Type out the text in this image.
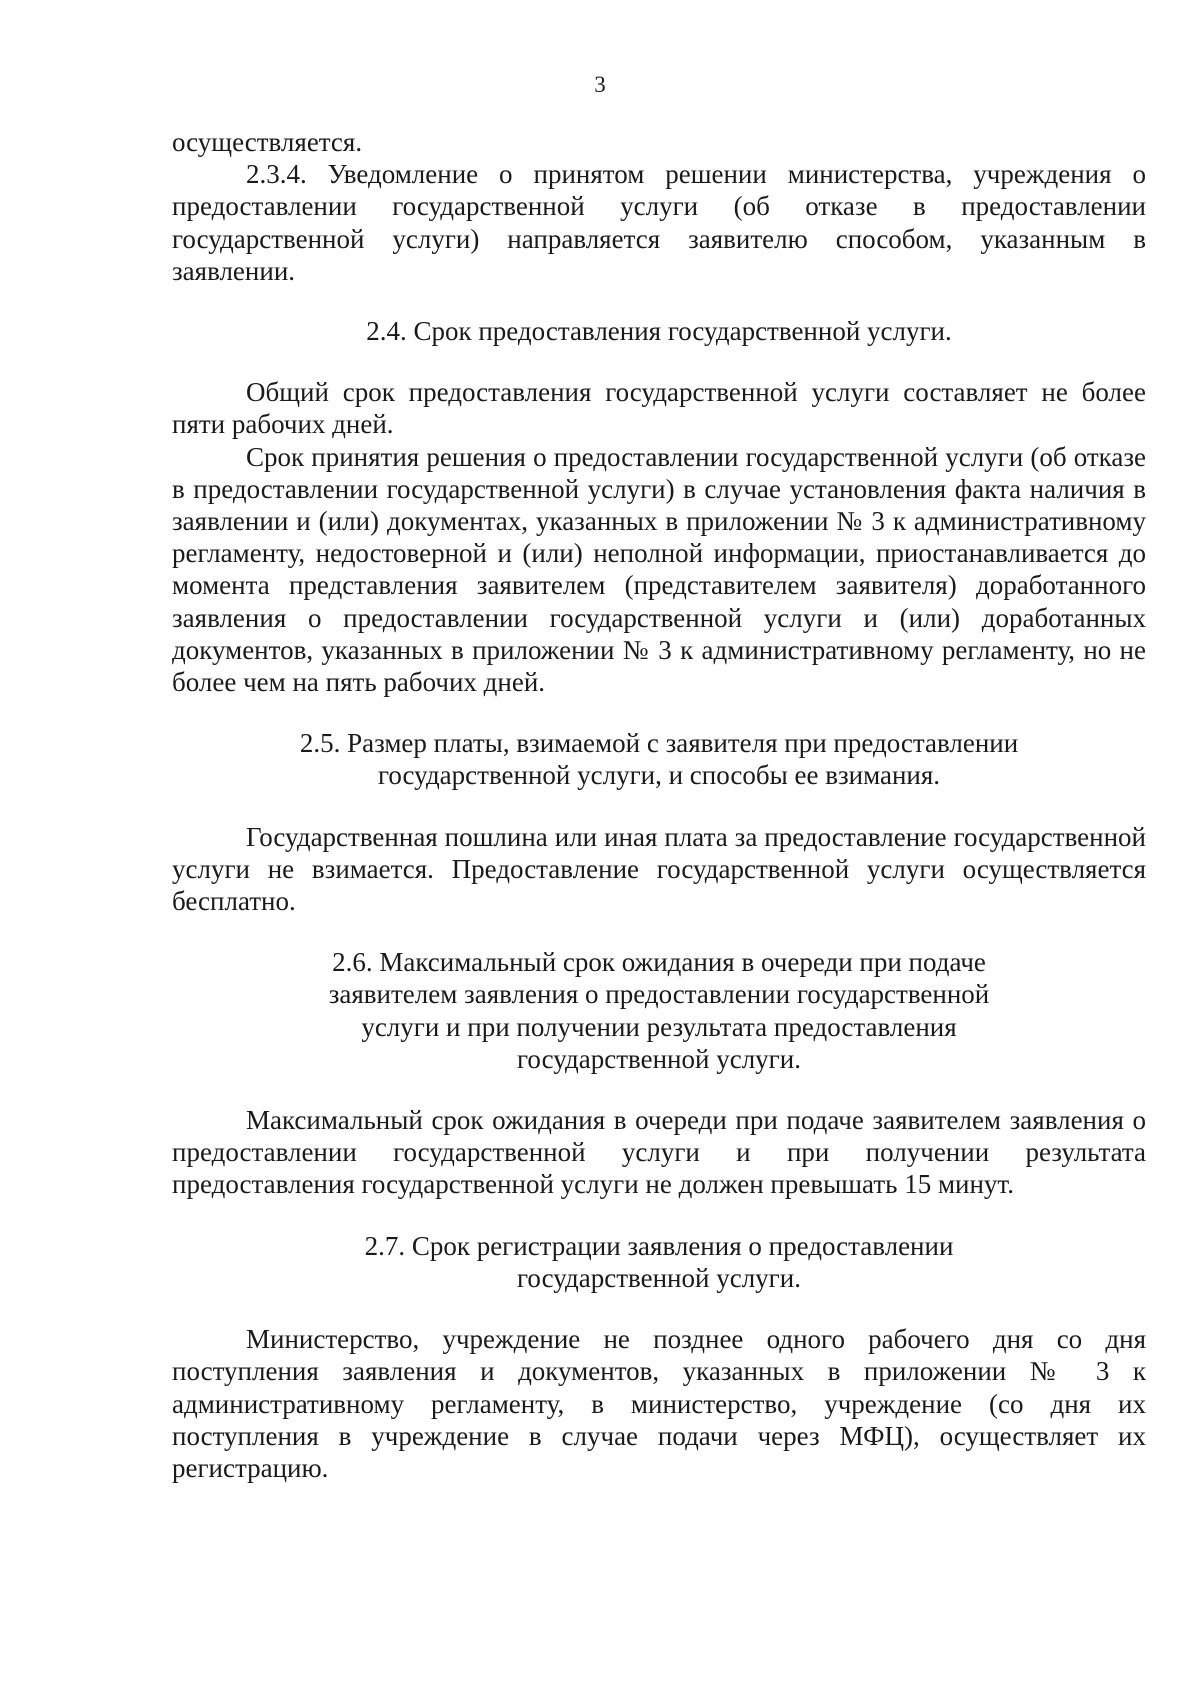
3

осуществляется.

2.3.4. Уведомление о принятом решении министерства, учреждения о предоставлении государственной услуги (об отказе в предоставлении государственной услуги) направляется заявителю способом, указанным в заявлении.

2.4. Срок предоставления государственной услуги.

Общий срок предоставления государственной услуги составляет не более пяти рабочих дней.

Срок принятия решения о предоставлении государственной услуги (об отказе в предоставлении государственной услуги) в случае установления факта наличия в заявлении и (или) документах, указанных в приложении № 3 к административному регламенту, недостоверной и (или) неполной информации, приостанавливается до момента представления заявителем (представителем заявителя) доработанного заявления о предоставлении государственной услуги и (или) доработанных документов, указанных в приложении № 3 к административному регламенту, но не более чем на пять рабочих дней.

2.5. Размер платы, взимаемой с заявителя при предоставлении государственной услуги, и способы ее взимания.

Государственная пошлина или иная плата за предоставление государственной услуги не взимается. Предоставление государственной услуги осуществляется бесплатно.

2.6. Максимальный срок ожидания в очереди при подаче заявителем заявления о предоставлении государственной услуги и при получении результата предоставления государственной услуги.

Максимальный срок ожидания в очереди при подаче заявителем заявления о предоставлении государственной услуги и при получении результата предоставления государственной услуги не должен превышать 15 минут.

2.7. Срок регистрации заявления о предоставлении государственной услуги.

Министерство, учреждение не позднее одного рабочего дня со дня поступления заявления и документов, указанных в приложении № 3 к административному регламенту, в министерство, учреждение (со дня их поступления в учреждение в случае подачи через МФЦ), осуществляет их регистрацию.
